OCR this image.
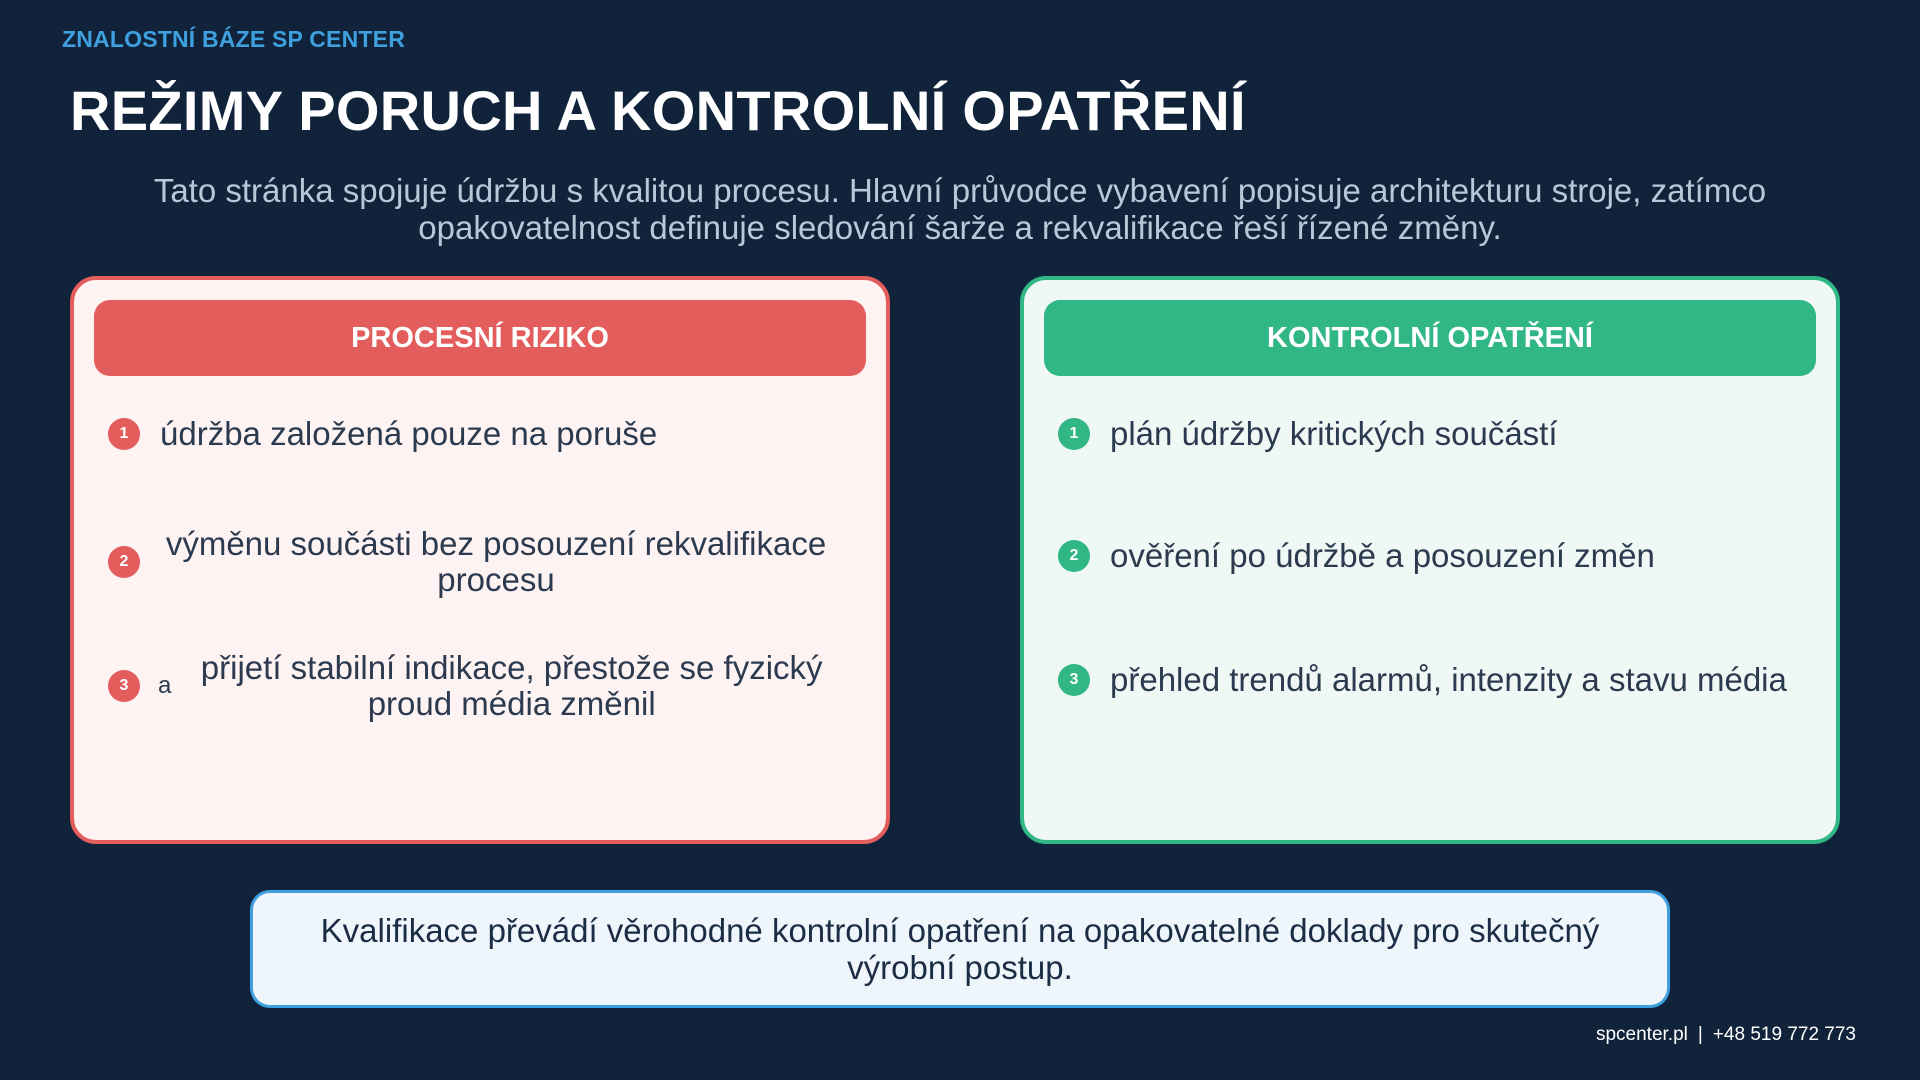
ZNALOSTNÍ BÁZE SP CENTER
REŽIMY PORUCH A KONTROLNÍ OPATŘENÍ
Tato stránka spojuje údržbu s kvalitou procesu. Hlavní průvodce vybavení popisuje architekturu stroje, zatímco opakovatelnost definuje sledování šarže a rekvalifikace řeší řízené změny.
PROCESNÍ RIZIKO
1 údržba založená pouze na poruše
2	výměnu součásti bez posouzení rekvalifikace procesu
3	a přijetí stabilní indikace, přestože se fyzický proud média změnil
KONTROLNÍ OPATŘENÍ
1 plán údržby kritických součástí
2 ověření po údržbě a posouzení změn
3 přehled trendů alarmů, intenzity a stavu média
Kvalifikace převádí věrohodné kontrolní opatření na opakovatelné doklady pro skutečný výrobní postup.
spcenter.pl | +48 519 772 773
